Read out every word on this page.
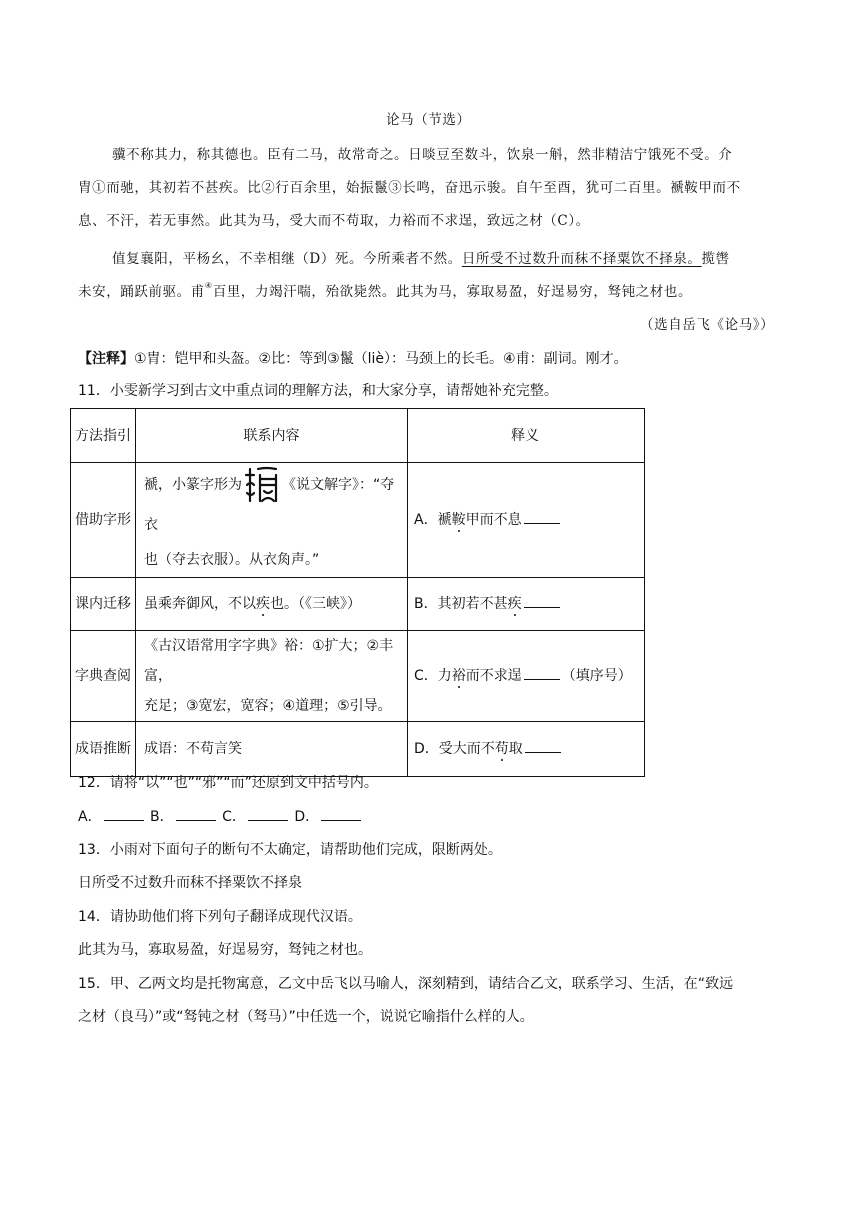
论马（节选）
骥不称其力，称其德也。臣有二马，故常奇之。日啖豆至数斗，饮泉一斛，然非精洁宁饿死不受。介
胄①而驰，其初若不甚疾。比②行百余里，始振鬣③长鸣，奋迅示骏。自午至酉，犹可二百里。褫鞍甲而不
息、不汗，若无事然。此其为马，受大而不苟取，力裕而不求逞，致远之材（C）。
值复襄阳，平杨幺，不幸相继（D）死。今所乘者不然。日所受不过数升而秣不择粟饮不择泉。揽辔
未安，踊跃前驱。甫④百里，力竭汗喘，殆欲毙然。此其为马，寡取易盈，好逞易穷，驽钝之材也。
（选自岳飞《论马》）
【注释】①胄：铠甲和头盔。②比：等到③鬣（liè）：马颈上的长毛。④甫：副词。刚才。
11．小雯新学习到古文中重点词的理解方法，和大家分享，请帮她补充完整。
方法指引	联系内容	释义
借助字形	褫，小篆字形为 《说文解字》：“夺衣
也（夺去衣服）。从衣𧢲声。”	A．褫鞍甲而不息
课内迁移	虽乘奔御风，不以疾也。（《三峡》）	B．其初若不甚疾
字典查阅	《古汉语常用字字典》裕：①扩大；②丰富，
充足；③宽宏，宽容；④道理；⑤引导。	C．力裕而不求逞 （填序号）
成语推断	成语：不苟言笑	D．受大而不苟取
12．请将“以”“也”“邪”“而”还原到文中括号内。
A．	B．	C．	D．
13．小雨对下面句子的断句不太确定，请帮助他们完成，限断两处。
日所受不过数升而秣不择粟饮不择泉
14．请协助他们将下列句子翻译成现代汉语。
此其为马，寡取易盈，好逞易穷，驽钝之材也。
15．甲、乙两文均是托物寓意，乙文中岳飞以马喻人，深刻精到，请结合乙文，联系学习、生活，在“致远
之材（良马）”或“驽钝之材（驽马）”中任选一个，说说它喻指什么样的人。
